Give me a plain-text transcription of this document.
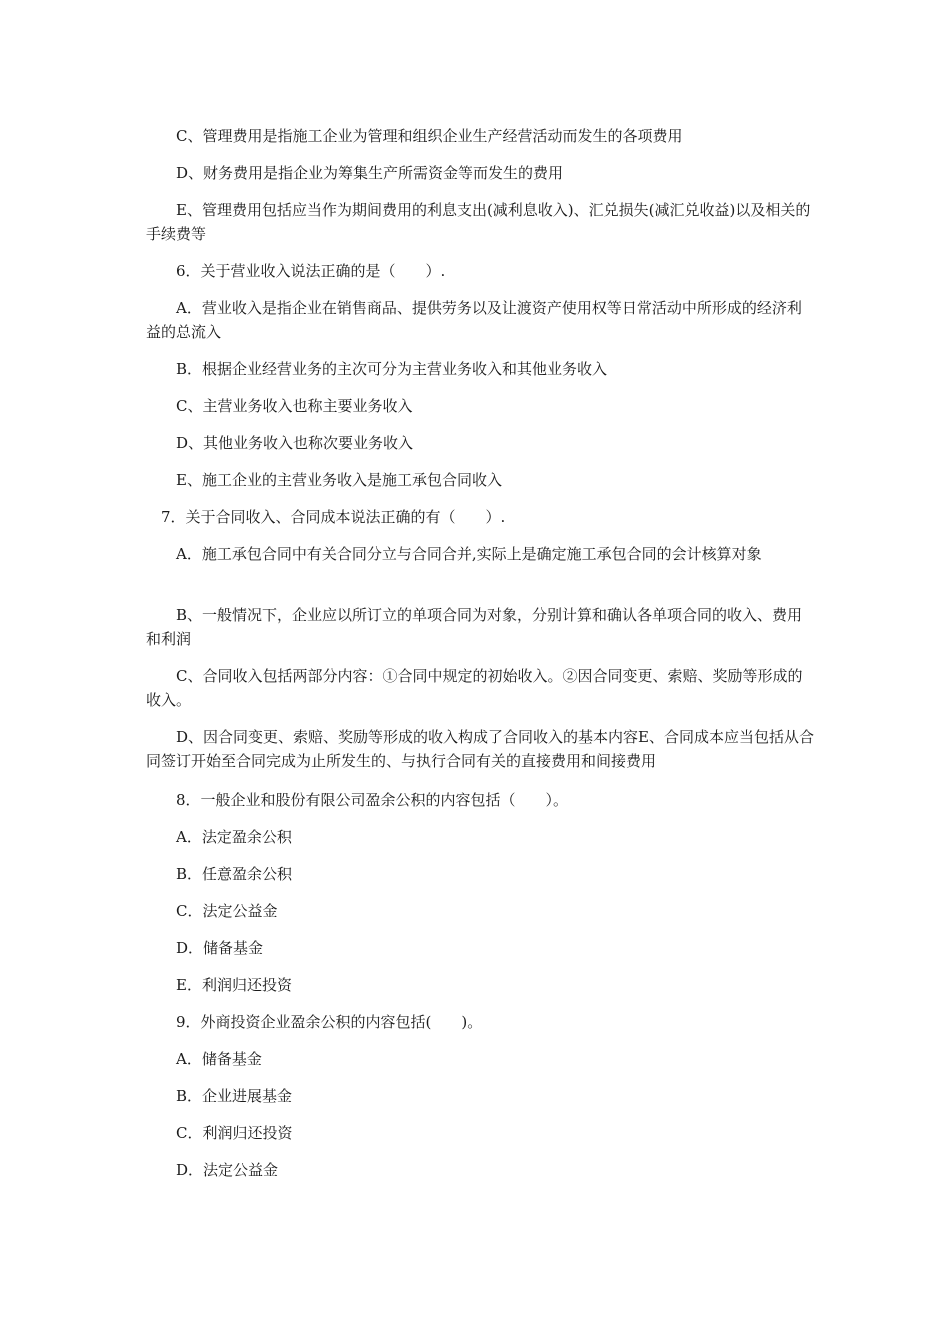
C、管理费用是指施工企业为管理和组织企业生产经营活动而发生的各项费用

D、财务费用是指企业为筹集生产所需资金等而发生的费用

E、管理费用包括应当作为期间费用的利息支出(减利息收入)、汇兑损失(减汇兑收益)以及相关的手续费等

6．关于营业收入说法正确的是（　　）.

A．营业收入是指企业在销售商品、提供劳务以及让渡资产使用权等日常活动中所形成的经济利益的总流入

B．根据企业经营业务的主次可分为主营业务收入和其他业务收入

C、主营业务收入也称主要业务收入

D、其他业务收入也称次要业务收入

E、施工企业的主营业务收入是施工承包合同收入

7．关于合同收入、合同成本说法正确的有（　　）.

A．施工承包合同中有关合同分立与合同合并,实际上是确定施工承包合同的会计核算对象

B、一般情况下，企业应以所订立的单项合同为对象，分别计算和确认各单项合同的收入、费用和利润

C、合同收入包括两部分内容：①合同中规定的初始收入。②因合同变更、索赔、奖励等形成的收入。

D、因合同变更、索赔、奖励等形成的收入构成了合同收入的基本内容E、合同成本应当包括从合同签订开始至合同完成为止所发生的、与执行合同有关的直接费用和间接费用

8．一般企业和股份有限公司盈余公积的内容包括（　　）。

A．法定盈余公积

B．任意盈余公积

C．法定公益金

D．储备基金

E．利润归还投资

9．外商投资企业盈余公积的内容包括(　　)。

A．储备基金

B．企业进展基金

C．利润归还投资

D．法定公益金
